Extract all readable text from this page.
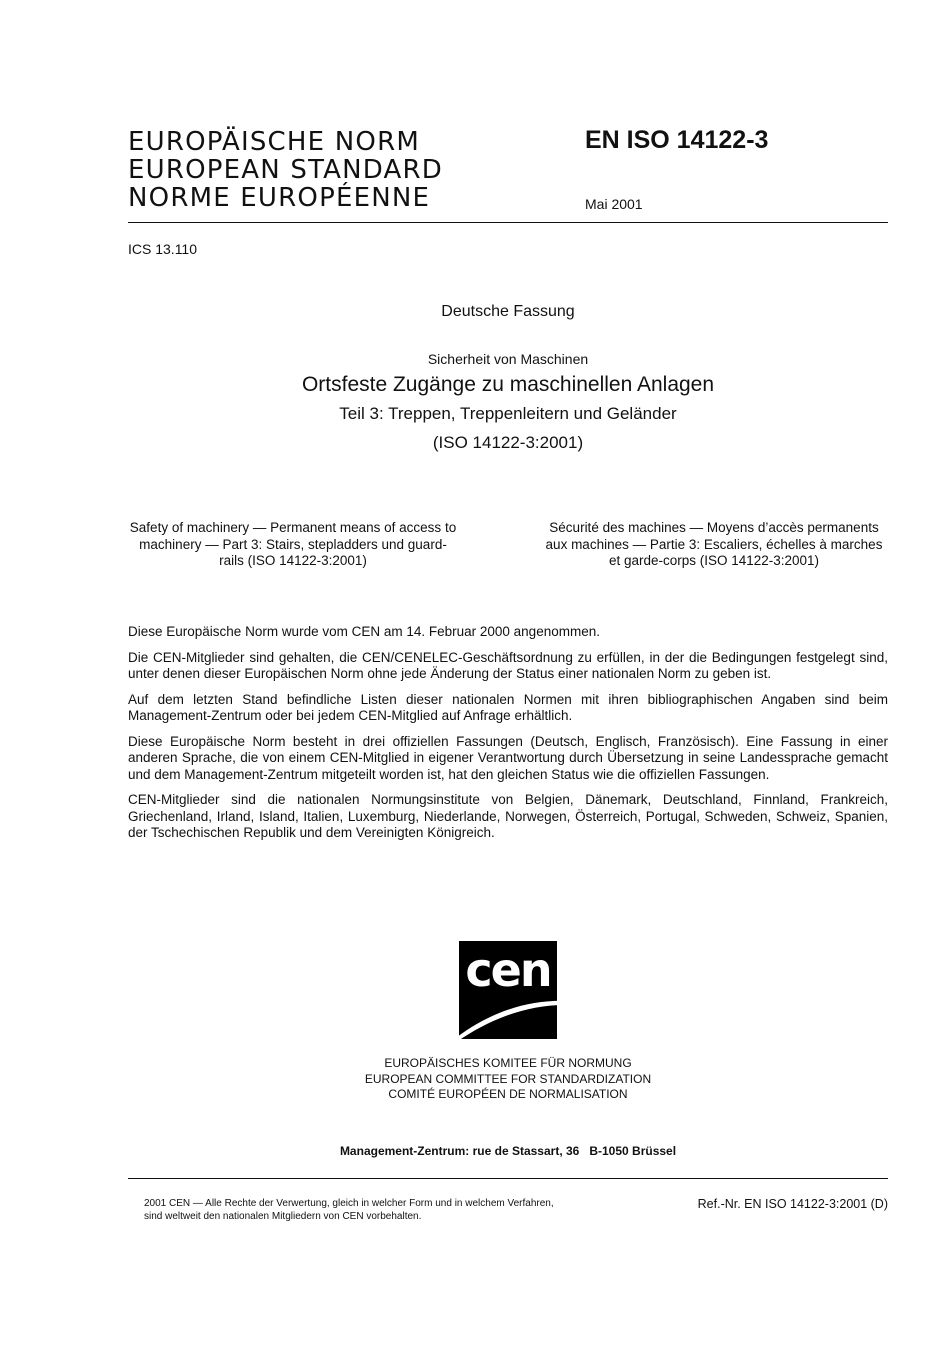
EUROPÄISCHE NORM
EUROPEAN STANDARD
NORME EUROPÉENNE
EN ISO 14122-3
Mai 2001
ICS 13.110
Deutsche Fassung
Sicherheit von Maschinen
Ortsfeste Zugänge zu maschinellen Anlagen
Teil 3: Treppen, Treppenleitern und Geländer
(ISO 14122-3:2001)
Safety of machinery — Permanent means of access to machinery — Part 3: Stairs, stepladders und guard-rails (ISO 14122-3:2001)
Sécurité des machines — Moyens d’accès permanents aux machines — Partie 3: Escaliers, échelles à marches et garde-corps (ISO 14122-3:2001)

Diese Europäische Norm wurde vom CEN am 14. Februar 2000 angenommen.

Die CEN-Mitglieder sind gehalten, die CEN/CENELEC-Geschäftsordnung zu erfüllen, in der die Bedingungen festgelegt sind, unter denen dieser Europäischen Norm ohne jede Änderung der Status einer nationalen Norm zu geben ist.

Auf dem letzten Stand befindliche Listen dieser nationalen Normen mit ihren bibliographischen Angaben sind beim Management-Zentrum oder bei jedem CEN-Mitglied auf Anfrage erhältlich.

Diese Europäische Norm besteht in drei offiziellen Fassungen (Deutsch, Englisch, Französisch). Eine Fassung in einer anderen Sprache, die von einem CEN-Mitglied in eigener Verantwortung durch Übersetzung in seine Landessprache gemacht und dem Management-Zentrum mitgeteilt worden ist, hat den gleichen Status wie die offiziellen Fassungen.

CEN-Mitglieder sind die nationalen Normungsinstitute von Belgien, Dänemark, Deutschland, Finnland, Frankreich, Griechenland, Irland, Island, Italien, Luxemburg, Niederlande, Norwegen, Österreich, Portugal, Schweden, Schweiz, Spanien, der Tschechischen Republik und dem Vereinigten Königreich.

cen
EUROPÄISCHES KOMITEE FÜR NORMUNG
EUROPEAN COMMITTEE FOR STANDARDIZATION
COMITÉ EUROPÉEN DE NORMALISATION
Management-Zentrum: rue de Stassart, 36   B-1050 Brüssel
2001 CEN — Alle Rechte der Verwertung, gleich in welcher Form und in welchem Verfahren,
sind weltweit den nationalen Mitgliedern von CEN vorbehalten.
Ref.-Nr. EN ISO 14122-3:2001 (D)
